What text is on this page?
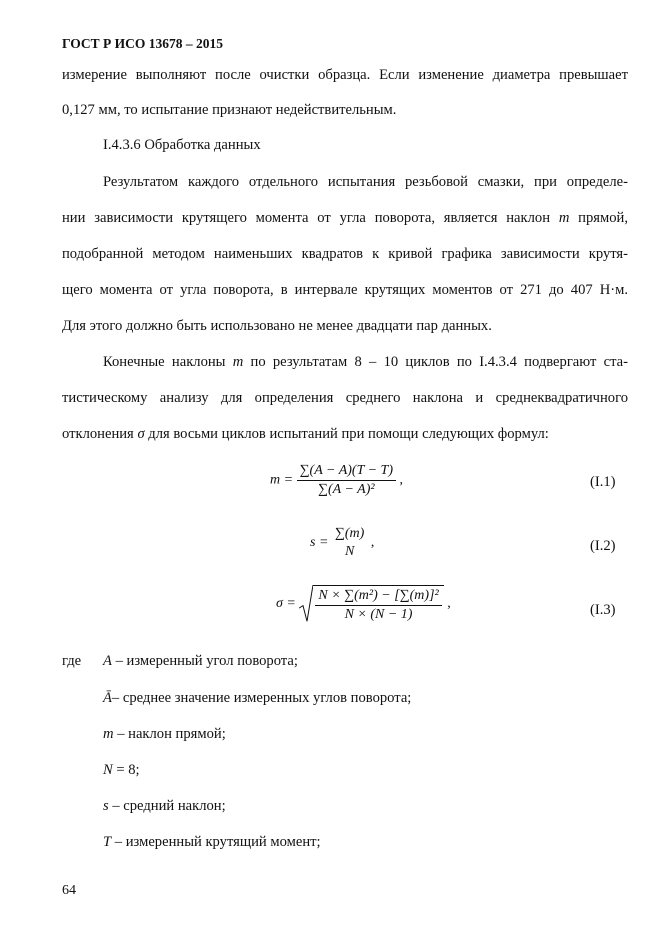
ГОСТ Р ИСО 13678 – 2015
измерение выполняют после очистки образца. Если изменение диаметра превышает
0,127 мм, то испытание признают недействительным.
I.4.3.6 Обработка данных
Результатом каждого отдельного испытания резьбовой смазки, при определе-
нии зависимости крутящего момента от угла поворота, является наклон m прямой,
подобранной методом наименьших квадратов к кривой графика зависимости крутя-
щего момента от угла поворота, в интервале крутящих моментов от 271 до 407 Н·м.
Для этого должно быть использовано не менее двадцати пар данных.
Конечные наклоны m по результатам 8 – 10 циклов по I.4.3.4 подвергают ста-
тистическому анализу для определения среднего наклона и среднеквадратичного
отклонения σ для восьми циклов испытаний при помощи следующих формул:
$m = \frac{\sum(A - A)(T - T)}{\text{∑(A − A)²}}$ ,	(I.1)
s =
∑(m)
N
,	(I.2)
$\sigma = \frac{\text{N × ∑(m²) − [∑(m)]²}}{N \times (N - 1)}$ ,	(I.3)
где A – измеренный угол поворота;
Ā– среднее значение измеренных углов поворота;
m – наклон прямой;
N = 8;
s – средний наклон;
T – измеренный крутящий момент;
64
